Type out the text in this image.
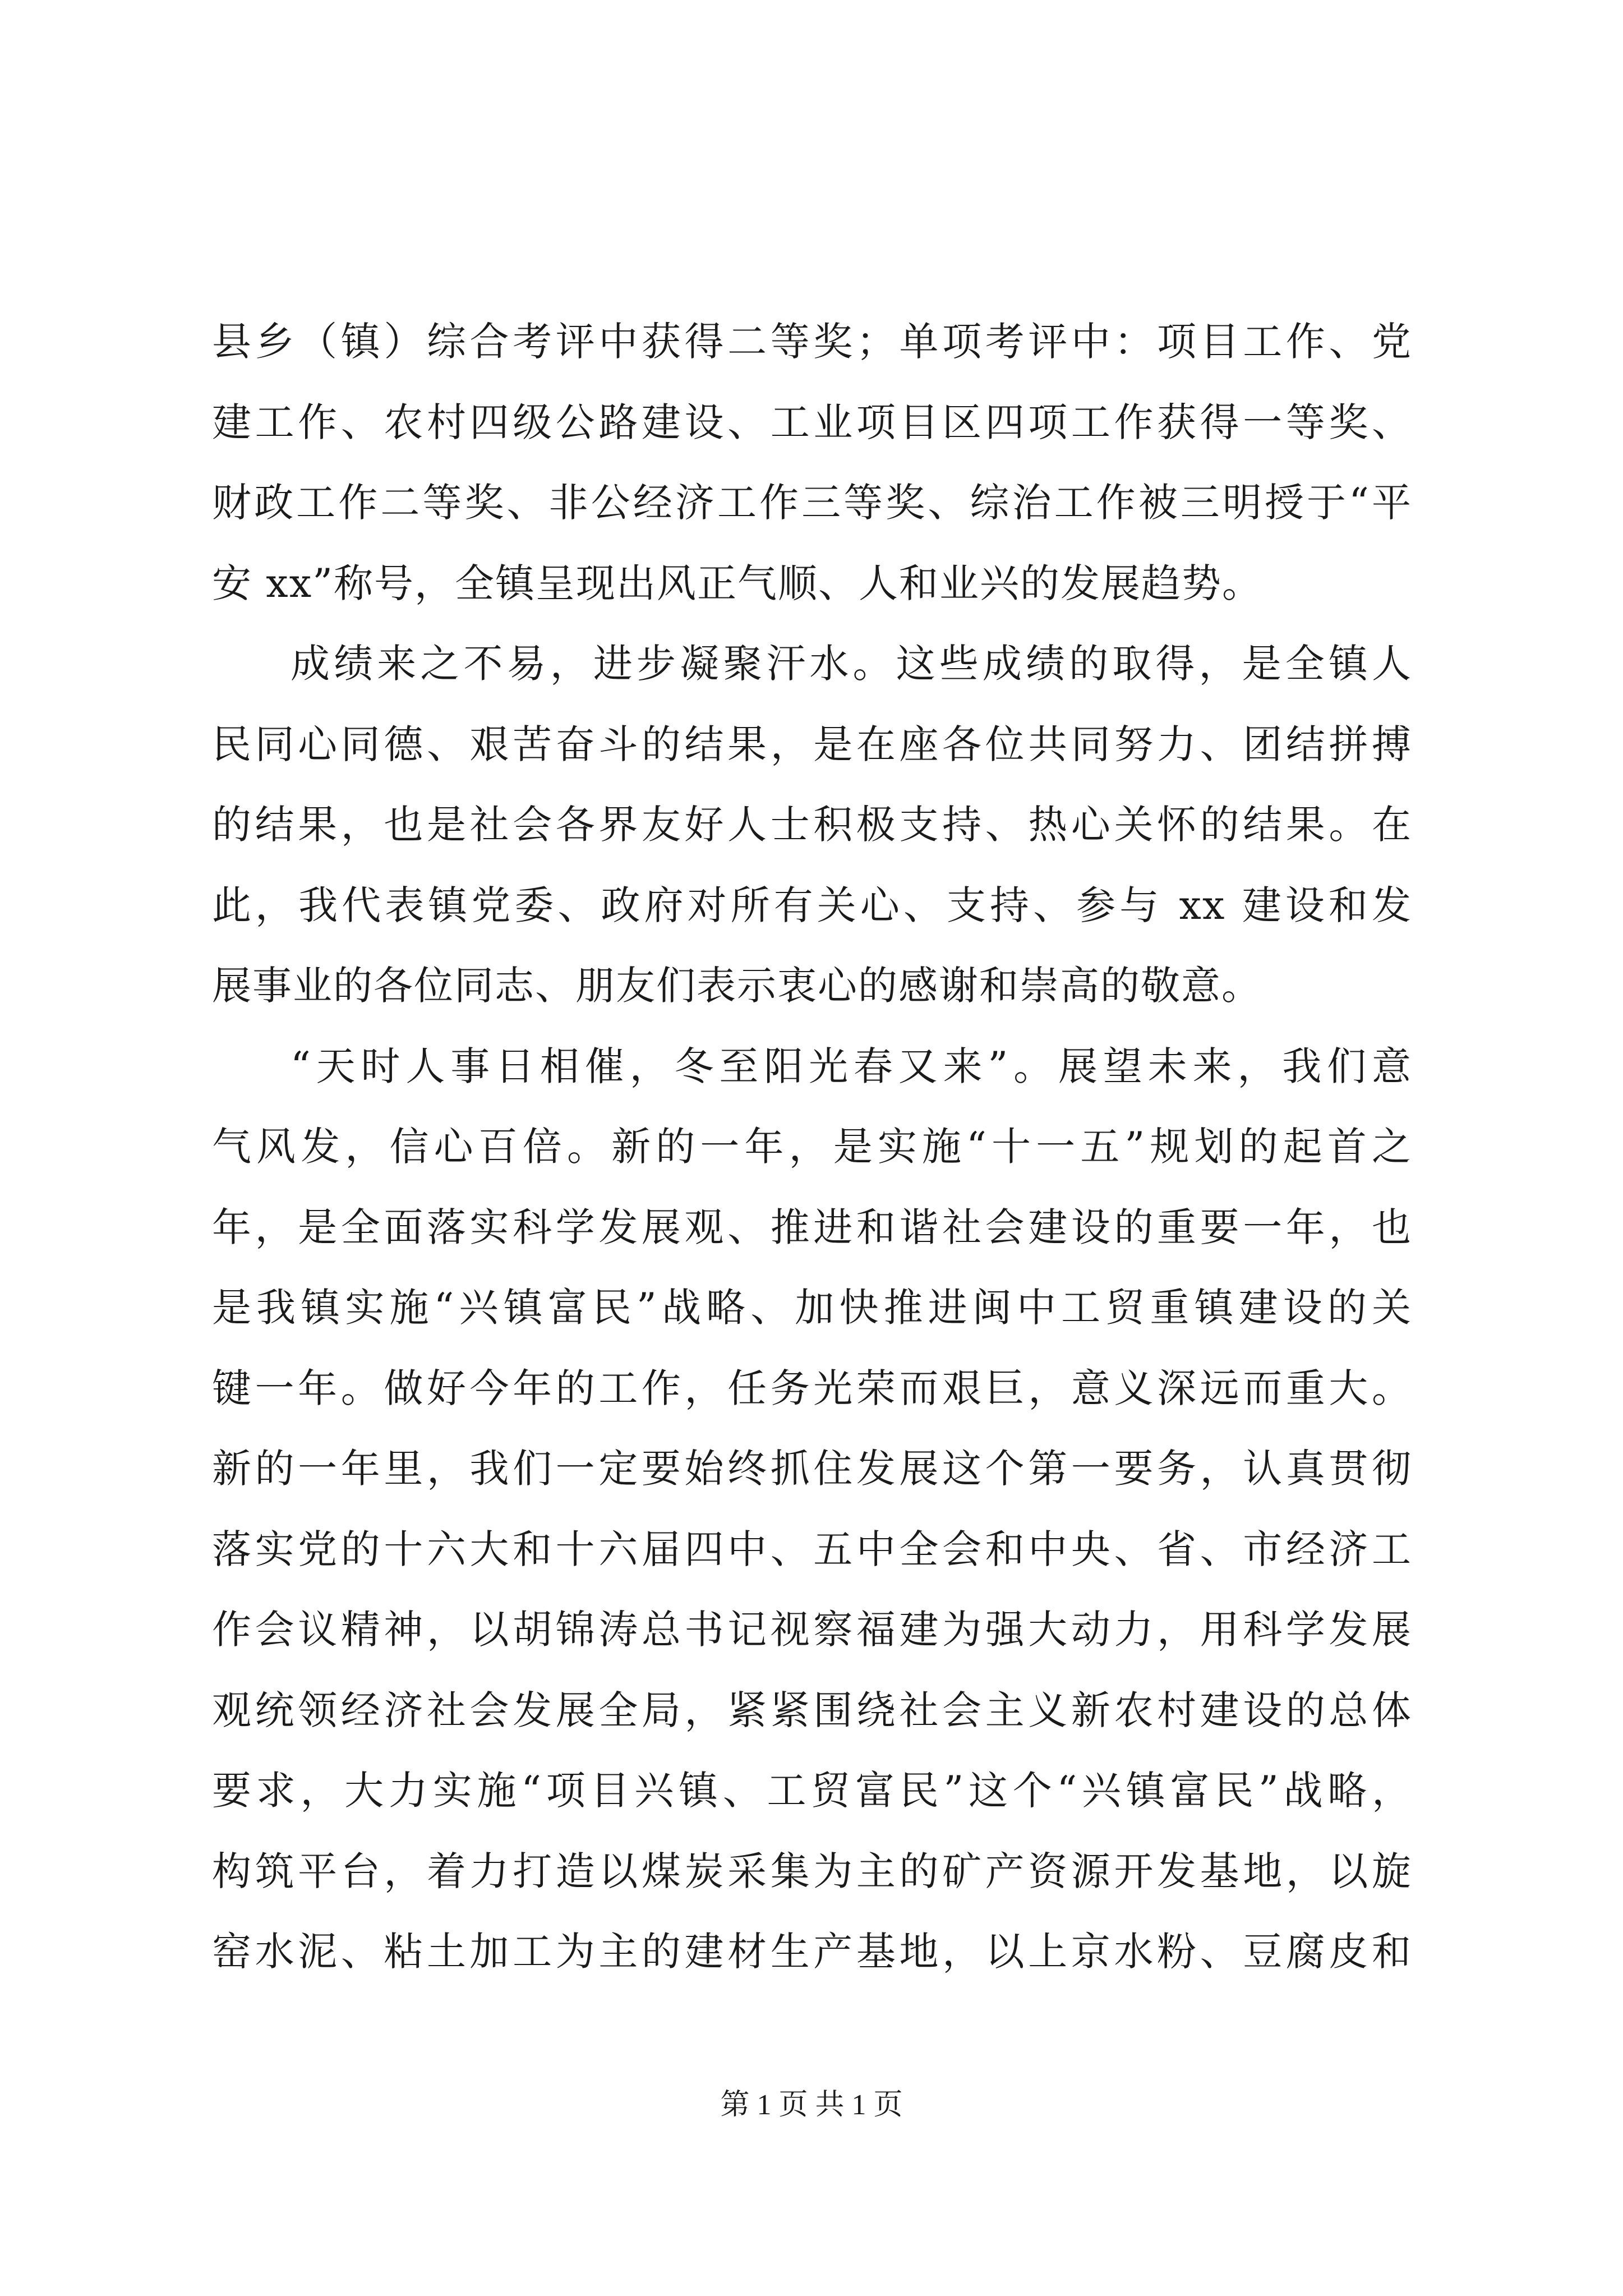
县乡（镇）综合考评中获得二等奖；单项考评中：项目工作、党
建工作、农村四级公路建设、工业项目区四项工作获得一等奖、
财政工作二等奖、非公经济工作三等奖、综治工作被三明授于“平
安 xx”称号，全镇呈现出风正气顺、人和业兴的发展趋势。
成绩来之不易，进步凝聚汗水。这些成绩的取得，是全镇人
民同心同德、艰苦奋斗的结果，是在座各位共同努力、团结拼搏
的结果，也是社会各界友好人士积极支持、热心关怀的结果。在
此，我代表镇党委、政府对所有关心、支持、参与 xx 建设和发
展事业的各位同志、朋友们表示衷心的感谢和崇高的敬意。
“天时人事日相催，冬至阳光春又来”。展望未来，我们意
气风发，信心百倍。新的一年，是实施“十一五”规划的起首之
年，是全面落实科学发展观、推进和谐社会建设的重要一年，也
是我镇实施“兴镇富民”战略、加快推进闽中工贸重镇建设的关
键一年。做好今年的工作，任务光荣而艰巨，意义深远而重大。
新的一年里，我们一定要始终抓住发展这个第一要务，认真贯彻
落实党的十六大和十六届四中、五中全会和中央、省、市经济工
作会议精神，以胡锦涛总书记视察福建为强大动力，用科学发展
观统领经济社会发展全局，紧紧围绕社会主义新农村建设的总体
要求，大力实施“项目兴镇、工贸富民”这个“兴镇富民”战略，
构筑平台，着力打造以煤炭采集为主的矿产资源开发基地，以旋
窑水泥、粘土加工为主的建材生产基地，以上京水粉、豆腐皮和
第 1 页 共 1 页
